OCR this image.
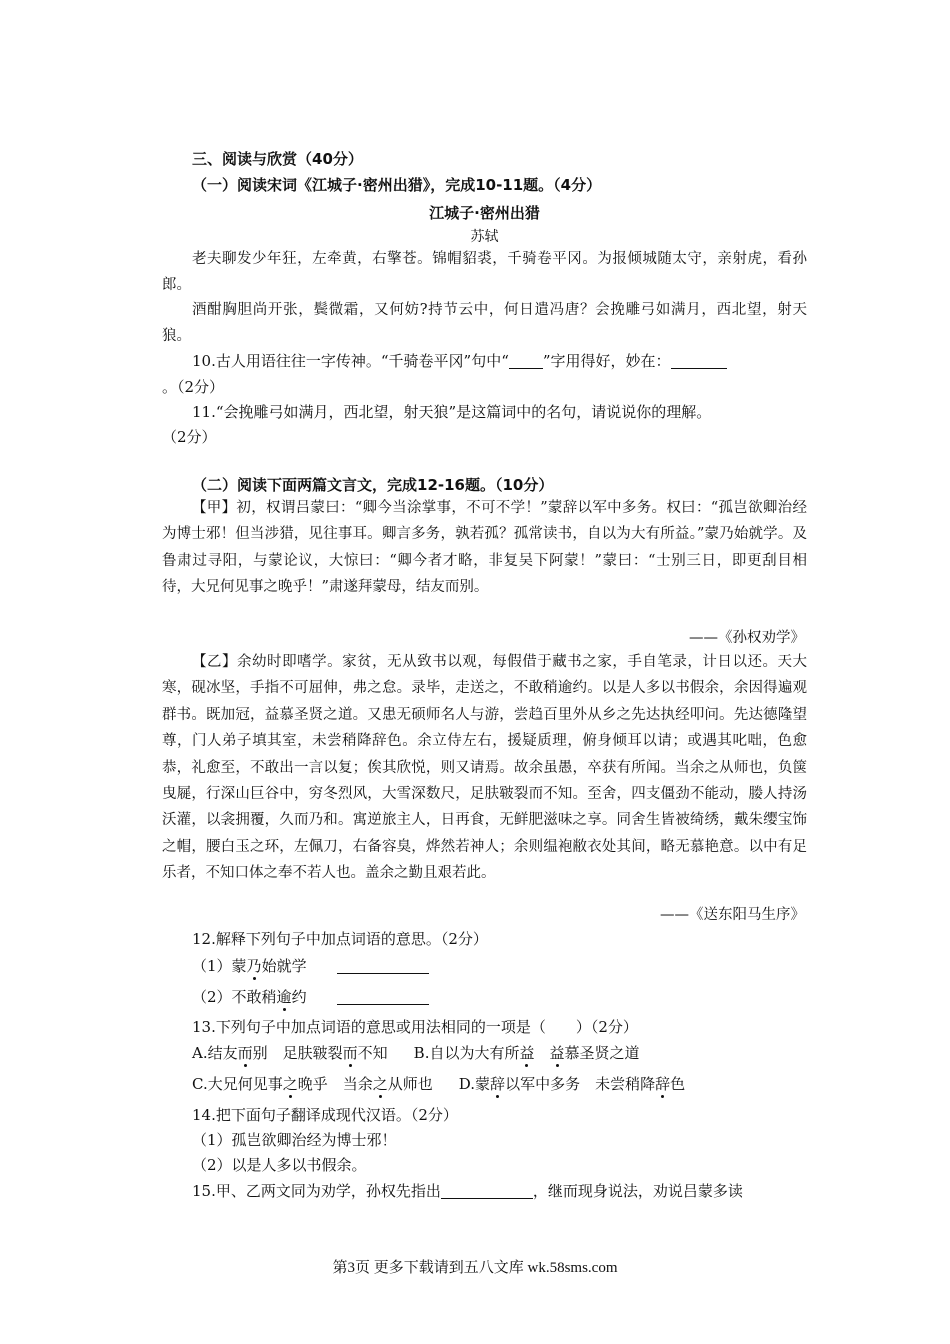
三、阅读与欣赏（40分）
（一）阅读宋词《江城子·密州出猎》，完成10-11题。（4分）
江城子·密州出猎
苏轼
老夫聊发少年狂，左牵黄，右擎苍。锦帽貂裘，千骑卷平冈。为报倾城随太守，亲射虎，看孙郎。
酒酣胸胆尚开张，鬓微霜，又何妨?持节云中，何日遣冯唐？会挽雕弓如满月，西北望，射天狼。
10.古人用语往往一字传神。“千骑卷平冈”句中“ ”字用得好，妙在：
。（2分）
11.“会挽雕弓如满月，西北望，射天狼”是这篇词中的名句，请说说你的理解。
（2分）
（二）阅读下面两篇文言文，完成12-16题。（10分）
【甲】初，权谓吕蒙曰：“卿今当涂掌事，不可不学！”蒙辞以军中多务。权曰：“孤岂欲卿治经为博士邪！但当涉猎，见往事耳。卿言多务，孰若孤？孤常读书，自以为大有所益。”蒙乃始就学。及鲁肃过寻阳，与蒙论议，大惊曰：“卿今者才略，非复吴下阿蒙！”蒙曰：“士别三日，即更刮目相待，大兄何见事之晚乎！”肃遂拜蒙母，结友而别。
——《孙权劝学》
【乙】余幼时即嗜学。家贫，无从致书以观，每假借于藏书之家，手自笔录，计日以还。天大寒，砚冰坚，手指不可屈伸，弗之怠。录毕，走送之，不敢稍逾约。以是人多以书假余，余因得遍观群书。既加冠，益慕圣贤之道。又患无硕师名人与游，尝趋百里外从乡之先达执经叩问。先达德隆望尊，门人弟子填其室，未尝稍降辞色。余立侍左右，援疑质理，俯身倾耳以请；或遇其叱咄，色愈恭，礼愈至，不敢出一言以复；俟其欣悦，则又请焉。故余虽愚，卒获有所闻。当余之从师也，负箧曳屣，行深山巨谷中，穷冬烈风，大雪深数尺，足肤皲裂而不知。至舍，四支僵劲不能动，媵人持汤沃灌，以衾拥覆，久而乃和。寓逆旅主人，日再食，无鲜肥滋味之享。同舍生皆被绮绣，戴朱缨宝饰之帽，腰白玉之环，左佩刀，右备容臭，烨然若神人；余则缊袍敝衣处其间，略无慕艳意。以中有足乐者，不知口体之奉不若人也。盖余之勤且艰若此。
——《送东阳马生序》
12.解释下列句子中加点词语的意思。（2分）
（1）蒙乃始就学
（2）不敢稍逾约
13.下列句子中加点词语的意思或用法相同的一项是（　　）（2分）
A.结友而别　足肤皲裂而不知 B.自以为大有所益　 益慕圣贤之道
C.大兄何见事之晚乎　当余之从师也 D.蒙辞以军中多务　未尝稍降辞色
14.把下面句子翻译成现代汉语。（2分）
（1）孤岂欲卿治经为博士邪！
（2）以是人多以书假余。
15.甲、乙两文同为劝学，孙权先指出	，继而现身说法，劝说吕蒙多读
第3页 更多下载请到五八文库 wk.58sms.com
